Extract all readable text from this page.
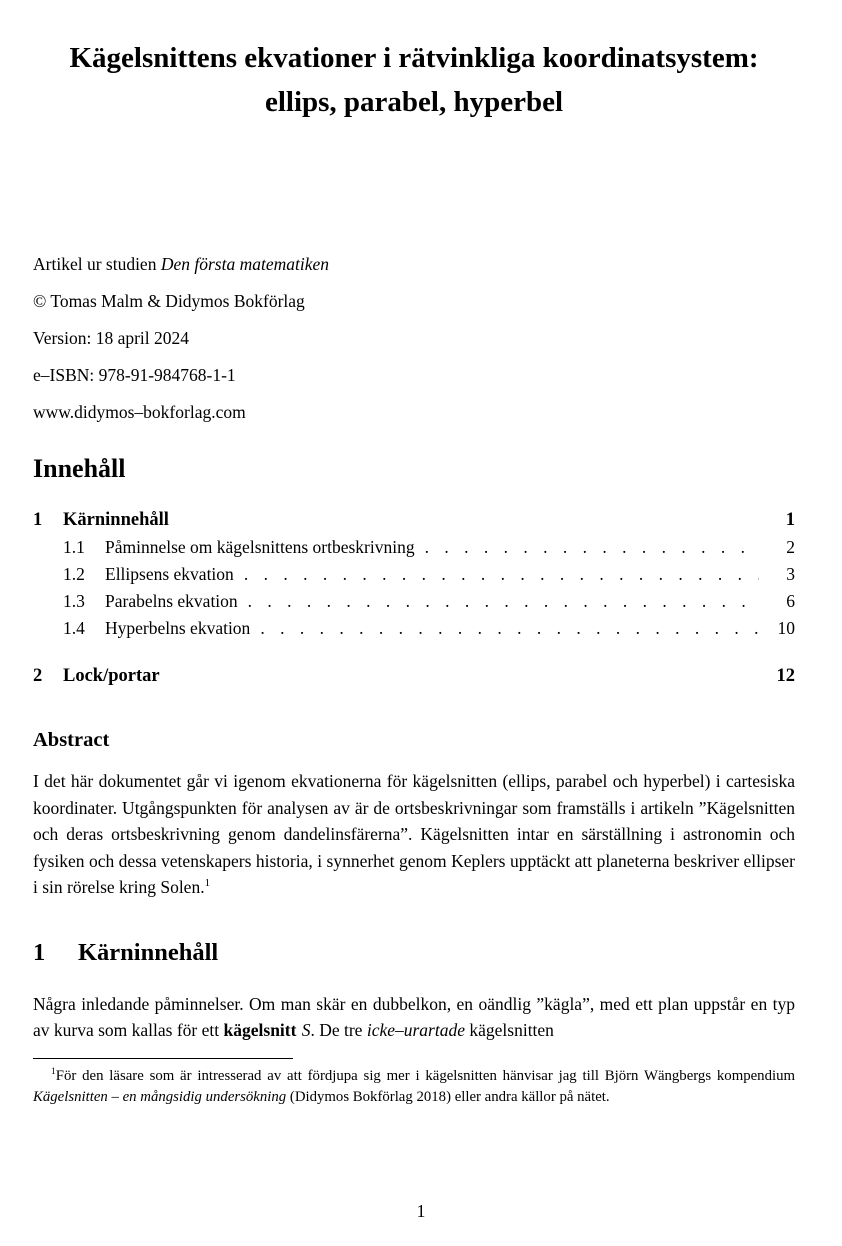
Kägelsnittens ekvationer i rätvinkliga koordinatsystem: ellips, parabel, hyperbel

Artikel ur studien Den första matematiken

© Tomas Malm & Didymos Bokförlag

Version: 18 april 2024

e–ISBN: 978-91-984768-1-1

www.didymos–bokforlag.com

Innehåll
1	Kärninnehåll	1
1.1	Påminnelse om kägelsnittens ortbeskrivning . . .	2
1.2	Ellipsens ekvation . . .	3
1.3	Parabelns ekvation . . .	6
1.4	Hyperbelns ekvation . . .	10
2	Lock/portar	12
Abstract

I det här dokumentet går vi igenom ekvationerna för kägelsnitten (ellips, parabel och hyperbel) i cartesiska koordinater. Utgångspunkten för analysen av är de ortsbeskrivningar som framställs i artikeln ”Kägelsnitten och deras ortsbeskrivning genom dandelinsfärerna”. Kägelsnitten intar en särställning i astronomin och fysiken och dessa vetenskapers historia, i synnerhet genom Keplers upptäckt att planeterna beskriver ellipser i sin rörelse kring Solen.$^1$

1 Kärninnehåll

Några inledande påminnelser. Om man skär en dubbelkon, en oändlig ”kägla”, med ett plan uppstår en typ av kurva som kallas för ett kägelsnitt S. De tre icke–urartade kägelsnitten

$^1$För den läsare som är intresserad av att fördjupa sig mer i kägelsnitten hänvisar jag till Björn Wängbergs kompendium Kägelsnitten – en mångsidig undersökning (Didymos Bokförlag 2018) eller andra källor på nätet.

1
